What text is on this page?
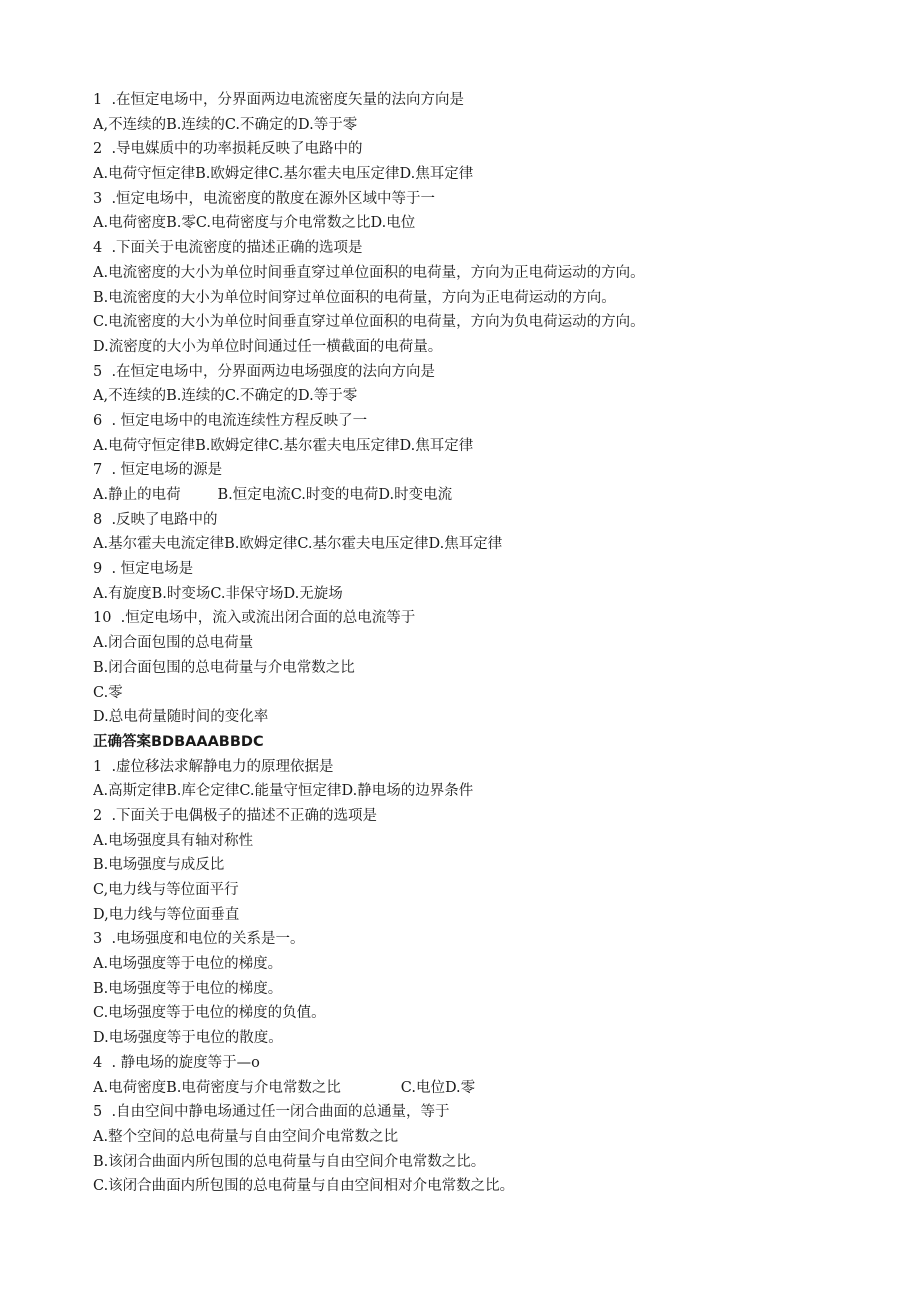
1  .在恒定电场中，分界面两边电流密度矢量的法向方向是
A,不连续的B.连续的C.不确定的D.等于零
2  .导电媒质中的功率损耗反映了电路中的
A.电荷守恒定律B.欧姆定律C.基尔霍夫电压定律D.焦耳定律
3  .恒定电场中，电流密度的散度在源外区域中等于一
A.电荷密度B.零C.电荷密度与介电常数之比D.电位
4  .下面关于电流密度的描述正确的选项是
A.电流密度的大小为单位时间垂直穿过单位面积的电荷量，方向为正电荷运动的方向。
B.电流密度的大小为单位时间穿过单位面积的电荷量，方向为正电荷运动的方向。
C.电流密度的大小为单位时间垂直穿过单位面积的电荷量，方向为负电荷运动的方向。
D.流密度的大小为单位时间通过任一横截面的电荷量。
5  .在恒定电场中，分界面两边电场强度的法向方向是
A,不连续的B.连续的C.不确定的D.等于零
6  . 恒定电场中的电流连续性方程反映了一
A.电荷守恒定律B.欧姆定律C.基尔霍夫电压定律D.焦耳定律
7  . 恒定电场的源是
A.静止的电荷        B.恒定电流C.时变的电荷D.时变电流
8  .反映了电路中的
A.基尔霍夫电流定律B.欧姆定律C.基尔霍夫电压定律D.焦耳定律
9  . 恒定电场是
A.有旋度B.时变场C.非保守场D.无旋场
10  .恒定电场中，流入或流出闭合面的总电流等于
A.闭合面包围的总电荷量
B.闭合面包围的总电荷量与介电常数之比
C.零
D.总电荷量随时间的变化率
正确答案BDBAAABBDC
1  .虚位移法求解静电力的原理依据是
A.高斯定律B.库仑定律C.能量守恒定律D.静电场的边界条件
2  .下面关于电偶极子的描述不正确的选项是
A.电场强度具有轴对称性
B.电场强度与成反比
C,电力线与等位面平行
D,电力线与等位面垂直
3  .电场强度和电位的关系是一。
A.电场强度等于电位的梯度。
B.电场强度等于电位的梯度。
C.电场强度等于电位的梯度的负值。
D.电场强度等于电位的散度。
4  . 静电场的旋度等于—o
A.电荷密度B.电荷密度与介电常数之比             C.电位D.零
5  .自由空间中静电场通过任一闭合曲面的总通量，等于
A.整个空间的总电荷量与自由空间介电常数之比
B.该闭合曲面内所包围的总电荷量与自由空间介电常数之比。
C.该闭合曲面内所包围的总电荷量与自由空间相对介电常数之比。
